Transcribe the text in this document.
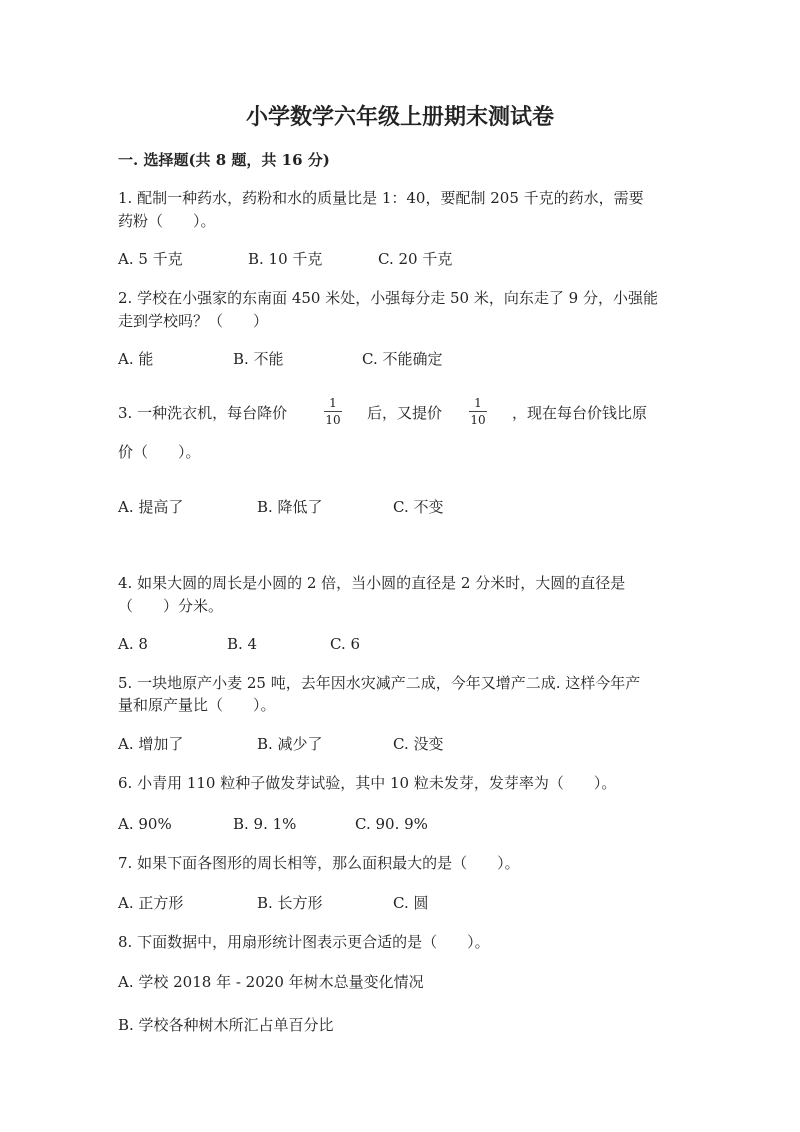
小学数学六年级上册期末测试卷
一. 选择题(共 8 题，共 16 分)
1. 配制一种药水，药粉和水的质量比是 1：40，要配制 205 千克的药水，需要
药粉（　　）。
A. 5 千克	B. 10 千克	C. 20 千克
2. 学校在小强家的东南面 450 米处，小强每分走 50 米，向东走了 9 分，小强能
走到学校吗？（　　）
A. 能	B. 不能	C. 不能确定
3. 一种洗衣机，每台降价
1
10 后，又提价
1
10 ，现在每台价钱比原
价（　　）。
A. 提高了	B. 降低了	C. 不变
4. 如果大圆的周长是小圆的 2 倍，当小圆的直径是 2 分米时，大圆的直径是
（　　）分米。
A. 8	B. 4	C. 6
5. 一块地原产小麦 25 吨，去年因水灾减产二成，今年又增产二成. 这样今年产
量和原产量比（　　）。
A. 增加了	B. 减少了	C. 没变
6. 小青用 110 粒种子做发芽试验，其中 10 粒未发芽，发芽率为（　　）。
A. 90%	B. 9. 1%	C. 90. 9%
7. 如果下面各图形的周长相等，那么面积最大的是（　　）。
A. 正方形	B. 长方形	C. 圆
8. 下面数据中，用扇形统计图表示更合适的是（　　）。
A. 学校 2018 年 - 2020 年树木总量变化情况
B. 学校各种树木所汇占单百分比
